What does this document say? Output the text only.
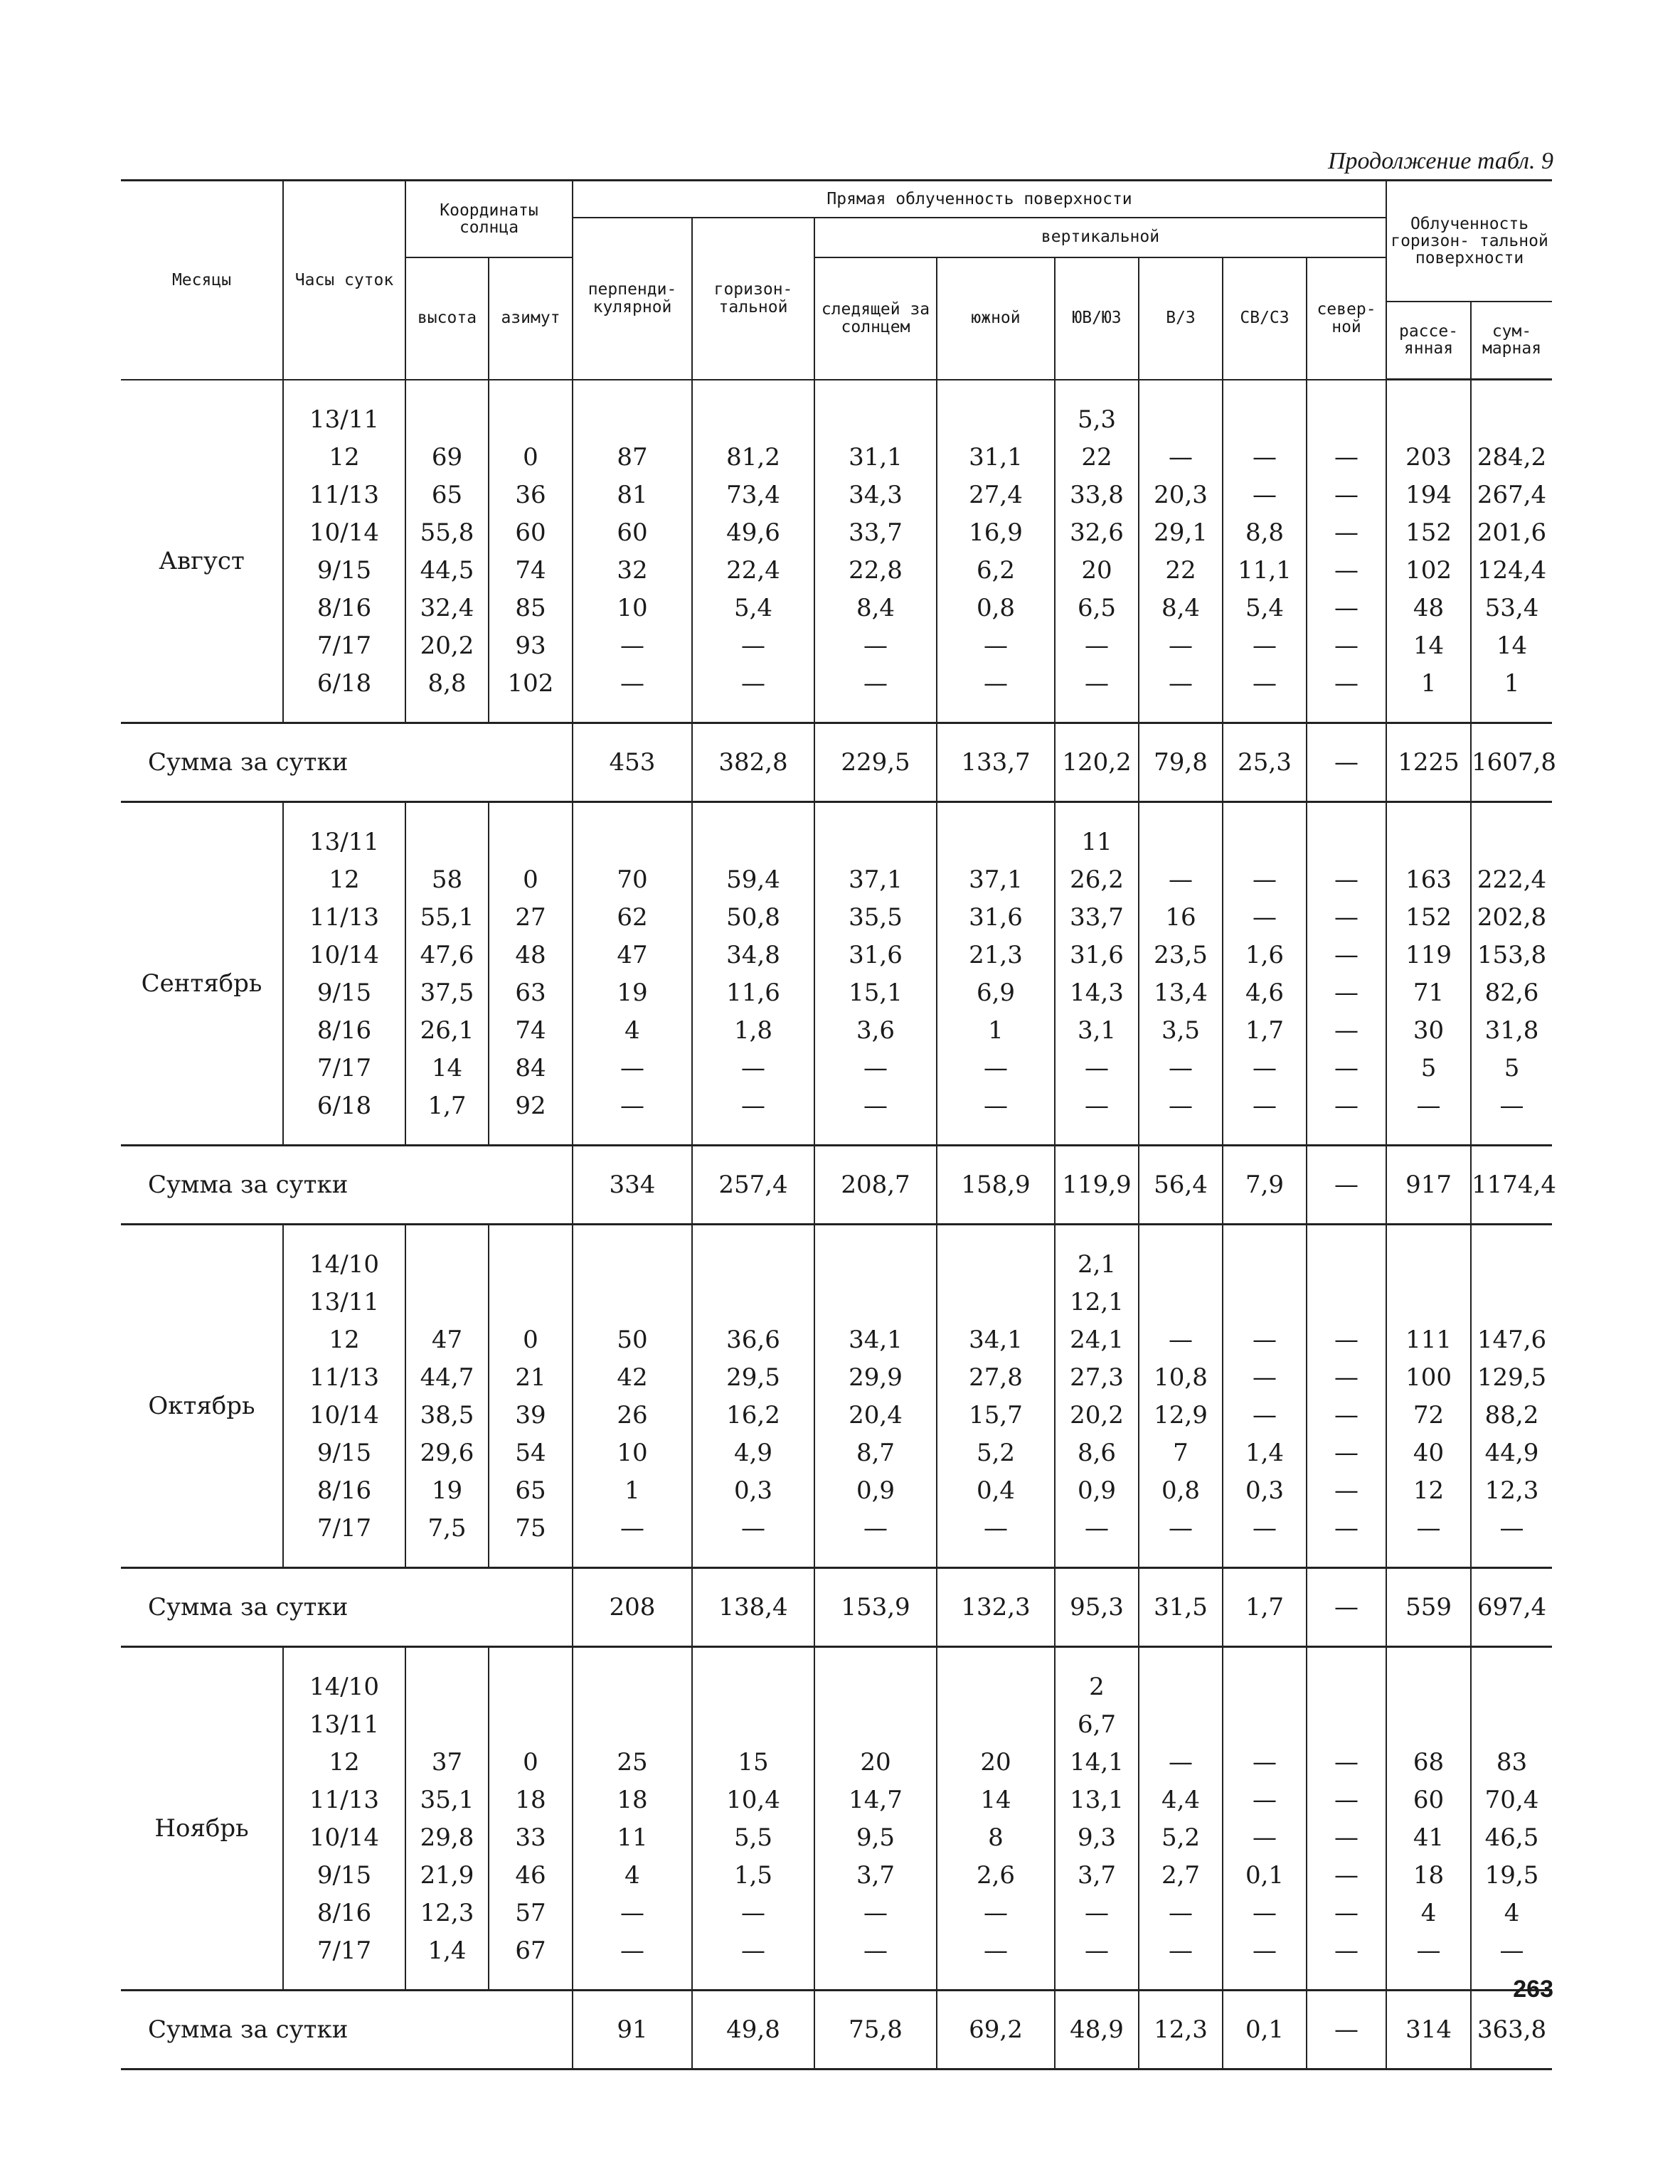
Продолжение табл. 9
Месяцы	Часы суток	Координаты солнца		Прямая облученность поверхности								Облученность горизон- тальной поверхности	
				перпенди- кулярной	горизон- тальной	вертикальной							
		высота	азимут			следящей за солнцем	южной	ЮВ/ЮЗ	В/З	СВ/СЗ	север- ной		
												рассе- янная	сум- марная

Август	13/11							5,3					
	12	69	0	87	81,2	31,1	31,1	22	—	—	—	203	284,2
	11/13	65	36	81	73,4	34,3	27,4	33,8	20,3	—	—	194	267,4
	10/14	55,8	60	60	49,6	33,7	16,9	32,6	29,1	8,8	—	152	201,6
	9/15	44,5	74	32	22,4	22,8	6,2	20	22	11,1	—	102	124,4
	8/16	32,4	85	10	5,4	8,4	0,8	6,5	8,4	5,4	—	48	53,4
	7/17	20,2	93	—	—	—	—	—	—	—	—	14	14
	6/18	8,8	102	—	—	—	—	—	—	—	—	1	1

Сумма за сутки				453	382,8	229,5	133,7	120,2	79,8	25,3	—	1225	1607,8

Сентябрь	13/11							11					
	12	58	0	70	59,4	37,1	37,1	26,2	—	—	—	163	222,4
	11/13	55,1	27	62	50,8	35,5	31,6	33,7	16	—	—	152	202,8
	10/14	47,6	48	47	34,8	31,6	21,3	31,6	23,5	1,6	—	119	153,8
	9/15	37,5	63	19	11,6	15,1	6,9	14,3	13,4	4,6	—	71	82,6
	8/16	26,1	74	4	1,8	3,6	1	3,1	3,5	1,7	—	30	31,8
	7/17	14	84	—	—	—	—	—	—	—	—	5	5
	6/18	1,7	92	—	—	—	—	—	—	—	—	—	—

Сумма за сутки				334	257,4	208,7	158,9	119,9	56,4	7,9	—	917	1174,4

Октябрь	14/10							2,1					
	13/11							12,1					
	12	47	0	50	36,6	34,1	34,1	24,1	—	—	—	111	147,6
	11/13	44,7	21	42	29,5	29,9	27,8	27,3	10,8	—	—	100	129,5
	10/14	38,5	39	26	16,2	20,4	15,7	20,2	12,9	—	—	72	88,2
	9/15	29,6	54	10	4,9	8,7	5,2	8,6	7	1,4	—	40	44,9
	8/16	19	65	1	0,3	0,9	0,4	0,9	0,8	0,3	—	12	12,3
	7/17	7,5	75	—	—	—	—	—	—	—	—	—	—

Сумма за сутки				208	138,4	153,9	132,3	95,3	31,5	1,7	—	559	697,4

Ноябрь	14/10							2					
	13/11							6,7					
	12	37	0	25	15	20	20	14,1	—	—	—	68	83
	11/13	35,1	18	18	10,4	14,7	14	13,1	4,4	—	—	60	70,4
	10/14	29,8	33	11	5,5	9,5	8	9,3	5,2	—	—	41	46,5
	9/15	21,9	46	4	1,5	3,7	2,6	3,7	2,7	0,1	—	18	19,5
	8/16	12,3	57	—	—	—	—	—	—	—	—	4	4
	7/17	1,4	67	—	—	—	—	—	—	—	—	—	—

Сумма за сутки				91	49,8	75,8	69,2	48,9	12,3	0,1	—	314	363,8
263
